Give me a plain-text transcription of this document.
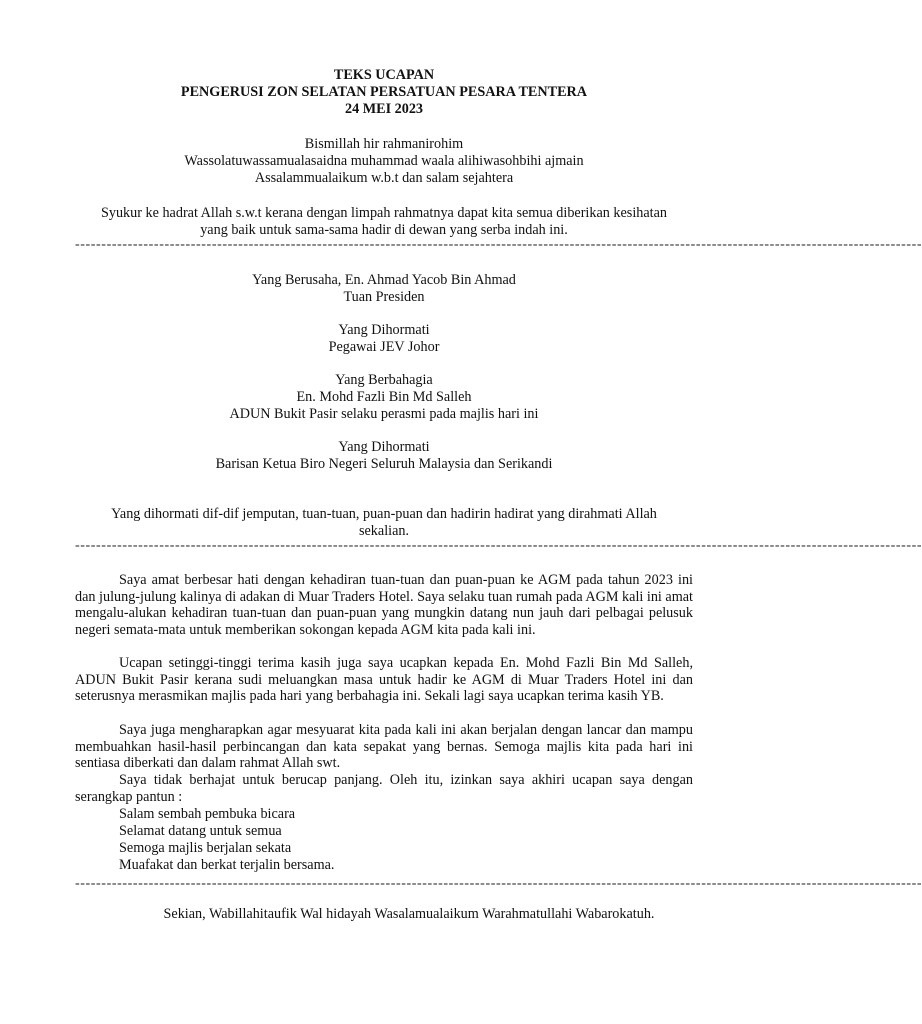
TEKS UCAPAN
PENGERUSI ZON SELATAN PERSATUAN PESARA TENTERA
24 MEI 2023
Bismillah hir rahmanirohim
Wassolatuwassamualasaidna muhammad waala alihiwasohbihi ajmain
Assalammualaikum w.b.t dan salam sejahtera
Syukur ke hadrat Allah s.w.t kerana dengan limpah rahmatnya dapat kita semua diberikan kesihatan
yang baik untuk sama-sama hadir di dewan yang serba indah ini.
-----------------------------------------------------------------------------------------------------------------------------------------------------------------
Yang Berusaha, En. Ahmad Yacob Bin Ahmad
Tuan Presiden
Yang Dihormati
Pegawai JEV Johor
Yang Berbahagia
En. Mohd Fazli Bin Md Salleh
ADUN Bukit Pasir selaku perasmi pada majlis hari ini
Yang Dihormati
Barisan Ketua Biro Negeri Seluruh Malaysia dan Serikandi
Yang dihormati dif-dif jemputan, tuan-tuan, puan-puan dan hadirin hadirat yang dirahmati Allah
sekalian.
-----------------------------------------------------------------------------------------------------------------------------------------------------------------
Saya amat berbesar hati dengan kehadiran tuan-tuan dan puan-puan ke AGM pada tahun 2023 ini dan julung-julung kalinya di adakan di Muar Traders Hotel. Saya selaku tuan rumah pada AGM kali ini amat mengalu-alukan kehadiran tuan-tuan dan puan-puan yang mungkin datang nun jauh dari pelbagai pelusuk negeri semata-mata untuk memberikan sokongan kepada AGM kita pada kali ini.
Ucapan setinggi-tinggi terima kasih juga saya ucapkan kepada En. Mohd Fazli Bin Md Salleh, ADUN Bukit Pasir kerana sudi meluangkan masa untuk hadir ke AGM di Muar Traders Hotel ini dan seterusnya merasmikan majlis pada hari yang berbahagia ini. Sekali lagi saya ucapkan terima kasih YB.
Saya juga mengharapkan agar mesyuarat kita pada kali ini akan berjalan dengan lancar dan mampu membuahkan hasil-hasil perbincangan dan kata sepakat yang bernas. Semoga majlis kita pada hari ini sentiasa diberkati dan dalam rahmat Allah swt.
Saya tidak berhajat untuk berucap panjang. Oleh itu, izinkan saya akhiri ucapan saya dengan serangkap pantun :
Salam sembah pembuka bicara
Selamat datang untuk semua
Semoga majlis berjalan sekata
Muafakat dan berkat terjalin bersama.
-----------------------------------------------------------------------------------------------------------------------------------------------------------------
Sekian, Wabillahitaufik Wal hidayah Wasalamualaikum Warahmatullahi Wabarokatuh.
